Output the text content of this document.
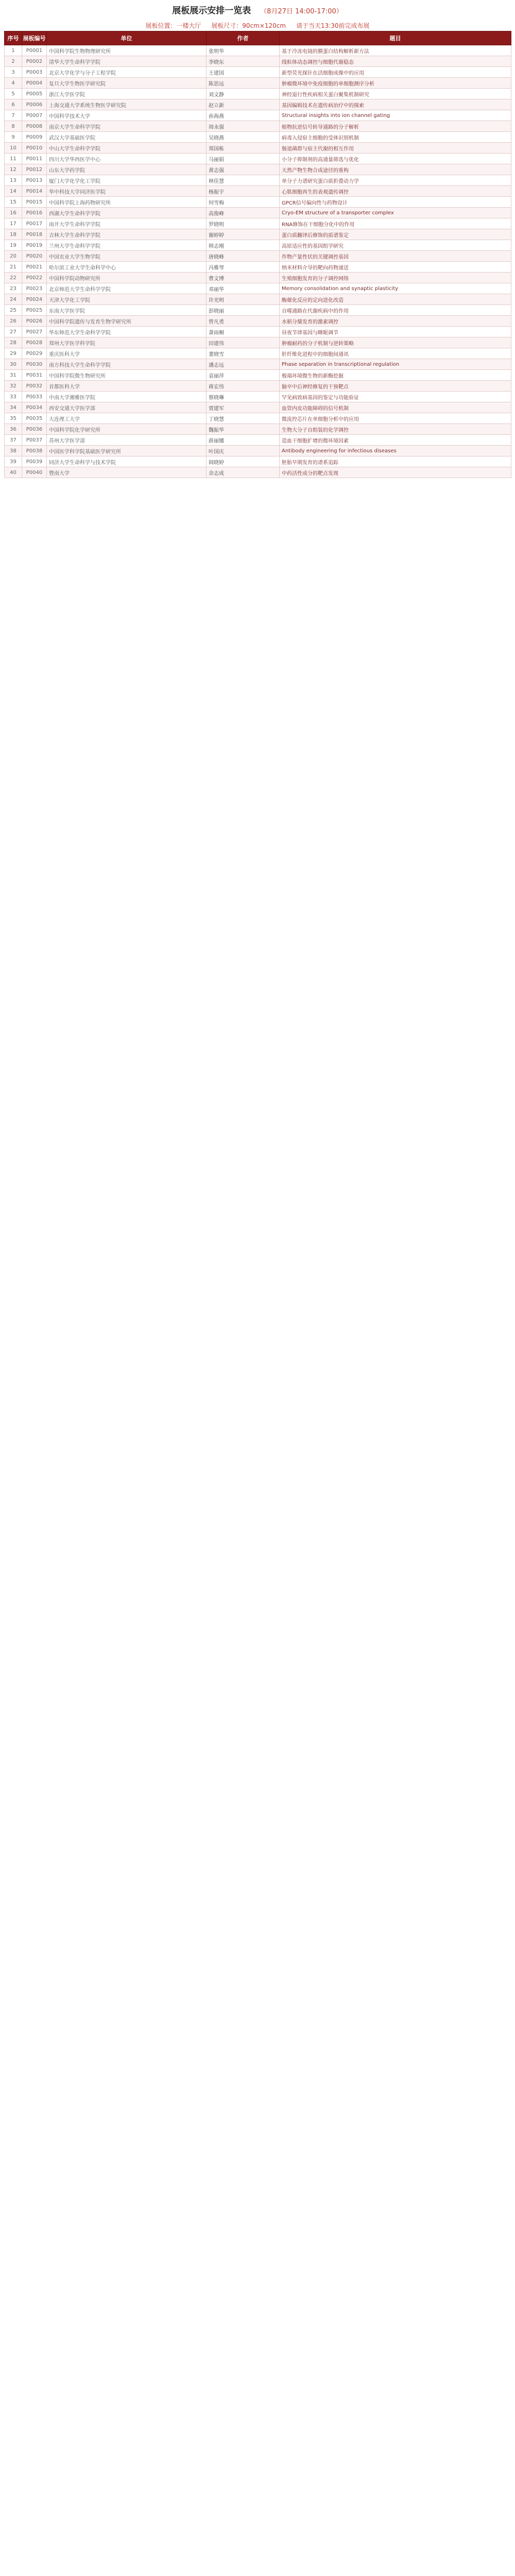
展板展示安排一览表 （8月27日 14:00-17:00）
展板位置：一楼大厅 展板尺寸：90cm×120cm 请于当天13:30前完成布展
序号	展板编号	单位	作者	题目
1	P0001	中国科学院生物物理研究所	张明华	基于冷冻电镜的膜蛋白结构解析新方法
2	P0002	清华大学生命科学学院	李晓东	线粒体动态调控与细胞代谢稳态
3	P0003	北京大学化学与分子工程学院	王建国	新型荧光探针在活细胞成像中的应用
4	P0004	复旦大学生物医学研究院	陈思远	肿瘤微环境中免疫细胞的单细胞测序分析
5	P0005	浙江大学医学院	刘文静	神经退行性疾病相关蛋白聚集机制研究
6	P0006	上海交通大学系统生物医学研究院	赵立新	基因编辑技术在遗传病治疗中的探索
7	P0007	中国科学技术大学	孙海燕	Structural insights into ion channel gating
8	P0008	南京大学生命科学学院	周永强	植物抗逆信号转导通路的分子解析
9	P0009	武汉大学基础医学院	吴晓燕	病毒入侵宿主细胞的受体识别机制
10	P0010	中山大学生命科学学院	郑国栋	肠道菌群与宿主代谢的相互作用
11	P0011	四川大学华西医学中心	马丽娟	小分子抑制剂的高通量筛选与优化
12	P0012	山东大学药学院	黄志强	天然产物生物合成途径的重构
13	P0013	厦门大学化学化工学院	林佳慧	单分子力谱研究蛋白质折叠动力学
14	P0014	华中科技大学同济医学院	杨振宇	心肌细胞再生的表观遗传调控
15	P0015	中国科学院上海药物研究所	何雪梅	GPCR信号偏向性与药物设计
16	P0016	西湖大学生命科学学院	高俊峰	Cryo-EM structure of a transporter complex
17	P0017	南开大学生命科学学院	罗晓明	RNA修饰在干细胞分化中的作用
18	P0018	吉林大学生命科学学院	谢婷婷	蛋白质翻译后修饰的质谱鉴定
19	P0019	兰州大学生命科学学院	韩志刚	高原适应性的基因组学研究
20	P0020	中国农业大学生物学院	唐晓峰	作物产量性状的关键调控基因
21	P0021	哈尔滨工业大学生命科学中心	冯雅琴	纳米材料介导的靶向药物递送
22	P0022	中国科学院动物研究所	曹文博	生殖细胞发育的分子调控网络
23	P0023	北京师范大学生命科学学院	邓丽华	Memory consolidation and synaptic plasticity
24	P0024	天津大学化工学院	许光明	酶催化反应的定向进化改造
25	P0025	东南大学医学院	彭晓丽	自噬通路在代谢疾病中的作用
26	P0026	中国科学院遗传与发育生物学研究所	曾凡勇	水稻分蘖发育的激素调控
27	P0027	华东师范大学生命科学学院	萧雨桐	昼夜节律基因与睡眠调节
28	P0028	郑州大学医学科学院	田建伟	肿瘤耐药的分子机制与逆转策略
29	P0029	重庆医科大学	董晓雪	肝纤维化进程中的细胞间通讯
30	P0030	南方科技大学生命科学学院	潘志远	Phase separation in transcriptional regulation
31	P0031	中国科学院微生物研究所	袁丽萍	极端环境微生物的新酶挖掘
32	P0032	首都医科大学	蒋宏伟	脑卒中后神经修复的干预靶点
33	P0033	中南大学湘雅医学院	蔡晓琳	罕见病致病基因的鉴定与功能验证
34	P0034	西安交通大学医学部	贾建军	血管内皮功能障碍的信号机制
35	P0035	大连理工大学	丁晓慧	微流控芯片在单细胞分析中的应用
36	P0036	中国科学院化学研究所	魏振华	生物大分子自组装的化学调控
37	P0037	苏州大学医学部	薛丽娜	造血干细胞扩增的微环境因素
38	P0038	中国医学科学院基础医学研究所	叶国庆	Antibody engineering for infectious diseases
39	P0039	同济大学生命科学与技术学院	阎晓婷	胚胎早期发育的谱系追踪
40	P0040	暨南大学	余志成	中药活性成分的靶点发现
